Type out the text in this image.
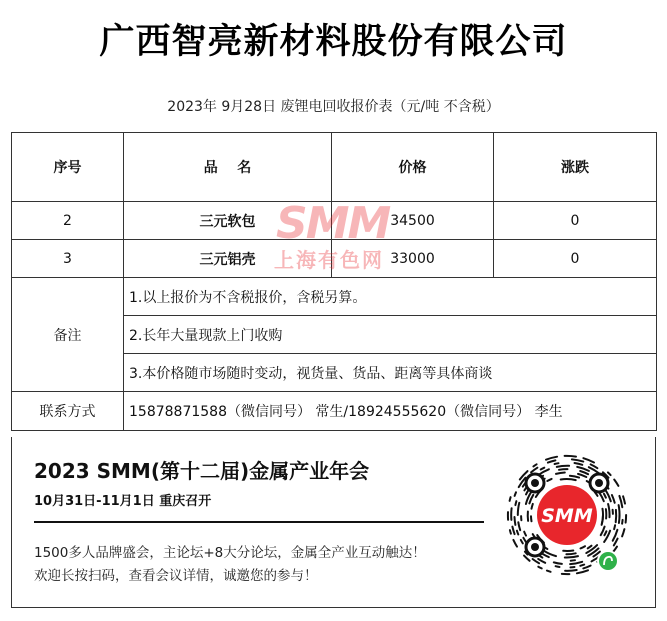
广西智亮新材料股份有限公司
2023年 9月28日 废锂电回收报价表（元/吨 不含税）
序号	品    名	价格	涨跌
2	三元软包	34500	0
3	三元铝壳	33000	0
备注	1.以上报价为不含税报价，含税另算。		
	2.长年大量现款上门收购		
	3.本价格随市场随时变动，视货量、货品、距离等具体商谈		
联系方式	15878871588（微信同号） 常生/18924555620（微信同号） 李生		
SMM
上海有色网
2023 SMM(第十二届)金属产业年会
10月31日-11月1日 重庆召开
1500多人品牌盛会，主论坛+8大分论坛，金属全产业互动触达！
欢迎长按扫码，查看会议详情，诚邀您的参与！
SMM
